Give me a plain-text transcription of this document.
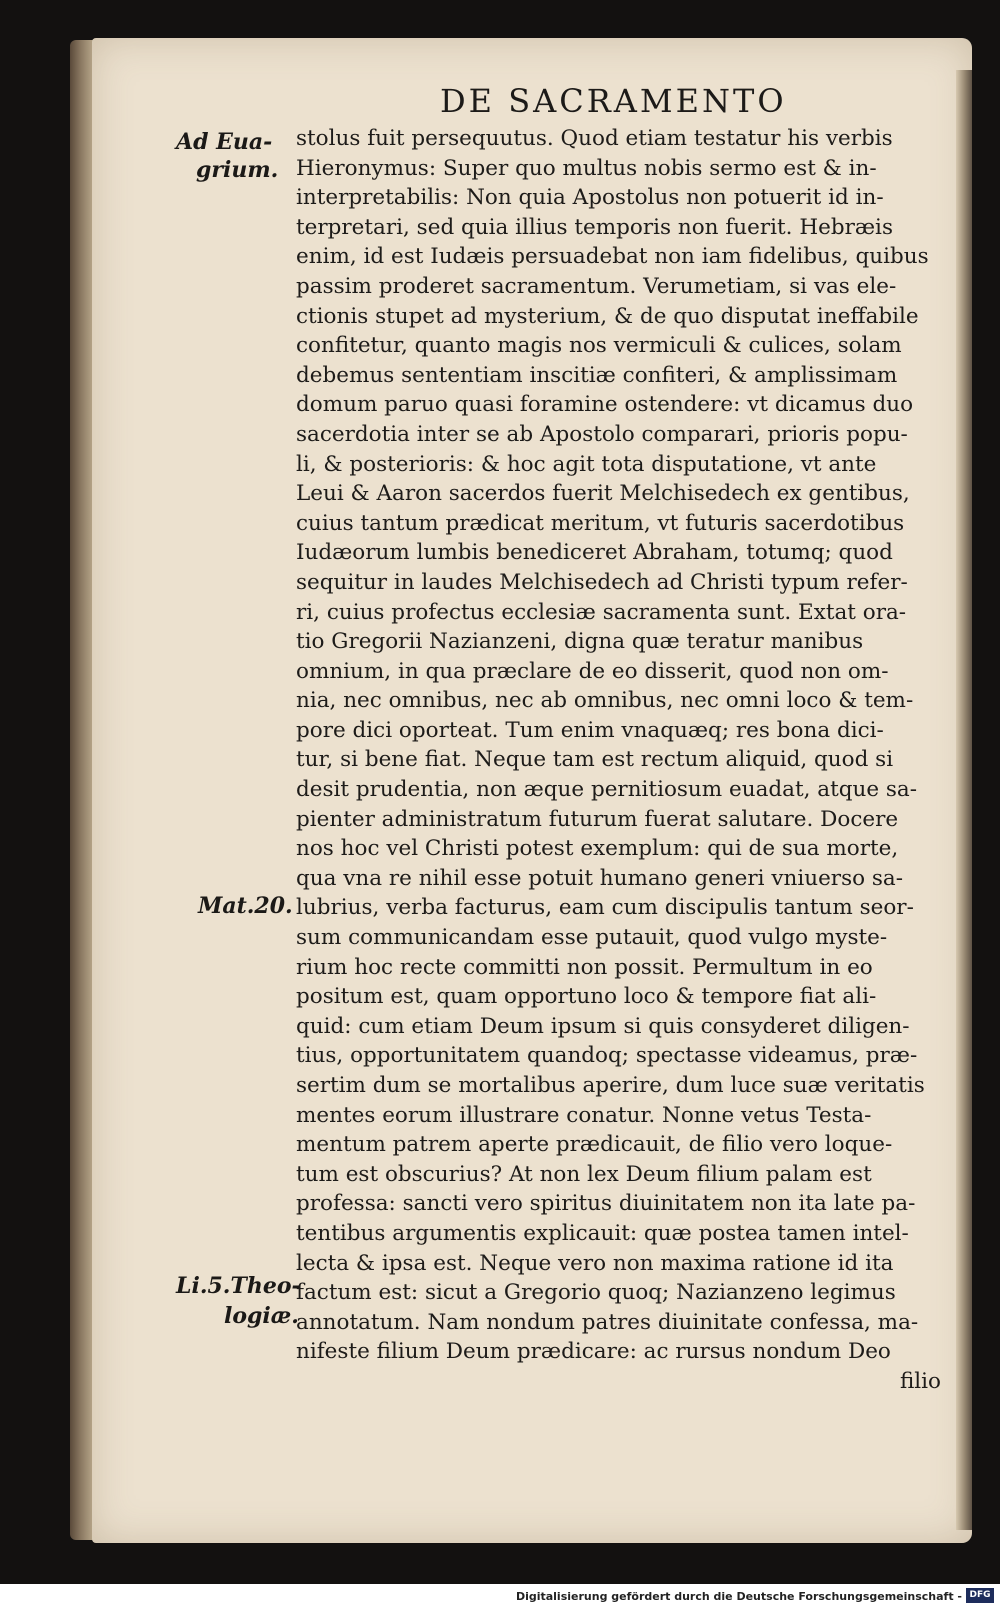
DE SACRAMENTO
Ad Eua-
grium.
Mat.20.
Li.5.Theo-
logiæ.
stolus fuit persequutus. Quod etiam testatur his verbis
Hieronymus: Super quo multus nobis sermo est & in-
interpretabilis: Non quia Apostolus non potuerit id in-
terpretari, sed quia illius temporis non fuerit. Hebræis
enim, id est Iudæis persuadebat non iam fidelibus, quibus
passim proderet sacramentum. Verumetiam, si vas ele-
ctionis stupet ad mysterium, & de quo disputat ineffabile
confitetur, quanto magis nos vermiculi & culices, solam
debemus sententiam inscitiæ confiteri, & amplissimam
domum paruo quasi foramine ostendere: vt dicamus duo
sacerdotia inter se ab Apostolo comparari, prioris popu-
li, & posterioris: & hoc agit tota disputatione, vt ante
Leui & Aaron sacerdos fuerit Melchisedech ex gentibus,
cuius tantum prædicat meritum, vt futuris sacerdotibus
Iudæorum lumbis benediceret Abraham, totumq; quod
sequitur in laudes Melchisedech ad Christi typum refer-
ri, cuius profectus ecclesiæ sacramenta sunt. Extat ora-
tio Gregorii Nazianzeni, digna quæ teratur manibus
omnium, in qua præclare de eo disserit, quod non om-
nia, nec omnibus, nec ab omnibus, nec omni loco & tem-
pore dici oporteat. Tum enim vnaquæq; res bona dici-
tur, si bene fiat. Neque tam est rectum aliquid, quod si
desit prudentia, non æque pernitiosum euadat, atque sa-
pienter administratum futurum fuerat salutare. Docere
nos hoc vel Christi potest exemplum: qui de sua morte,
qua vna re nihil esse potuit humano generi vniuerso sa-
lubrius, verba facturus, eam cum discipulis tantum seor-
sum communicandam esse putauit, quod vulgo myste-
rium hoc recte committi non possit. Permultum in eo
positum est, quam opportuno loco & tempore fiat ali-
quid: cum etiam Deum ipsum si quis consyderet diligen-
tius, opportunitatem quandoq; spectasse videamus, præ-
sertim dum se mortalibus aperire, dum luce suæ veritatis
mentes eorum illustrare conatur. Nonne vetus Testa-
mentum patrem aperte prædicauit, de filio vero loque-
tum est obscurius? At non lex Deum filium palam est
professa: sancti vero spiritus diuinitatem non ita late pa-
tentibus argumentis explicauit: quæ postea tamen intel-
lecta & ipsa est. Neque vero non maxima ratione id ita
factum est: sicut a Gregorio quoq; Nazianzeno legimus
annotatum. Nam nondum patres diuinitate confessa, ma-
nifeste filium Deum prædicare: ac rursus nondum Deo
filio
Digitalisierung gefördert durch die Deutsche Forschungsgemeinschaft - DFG
